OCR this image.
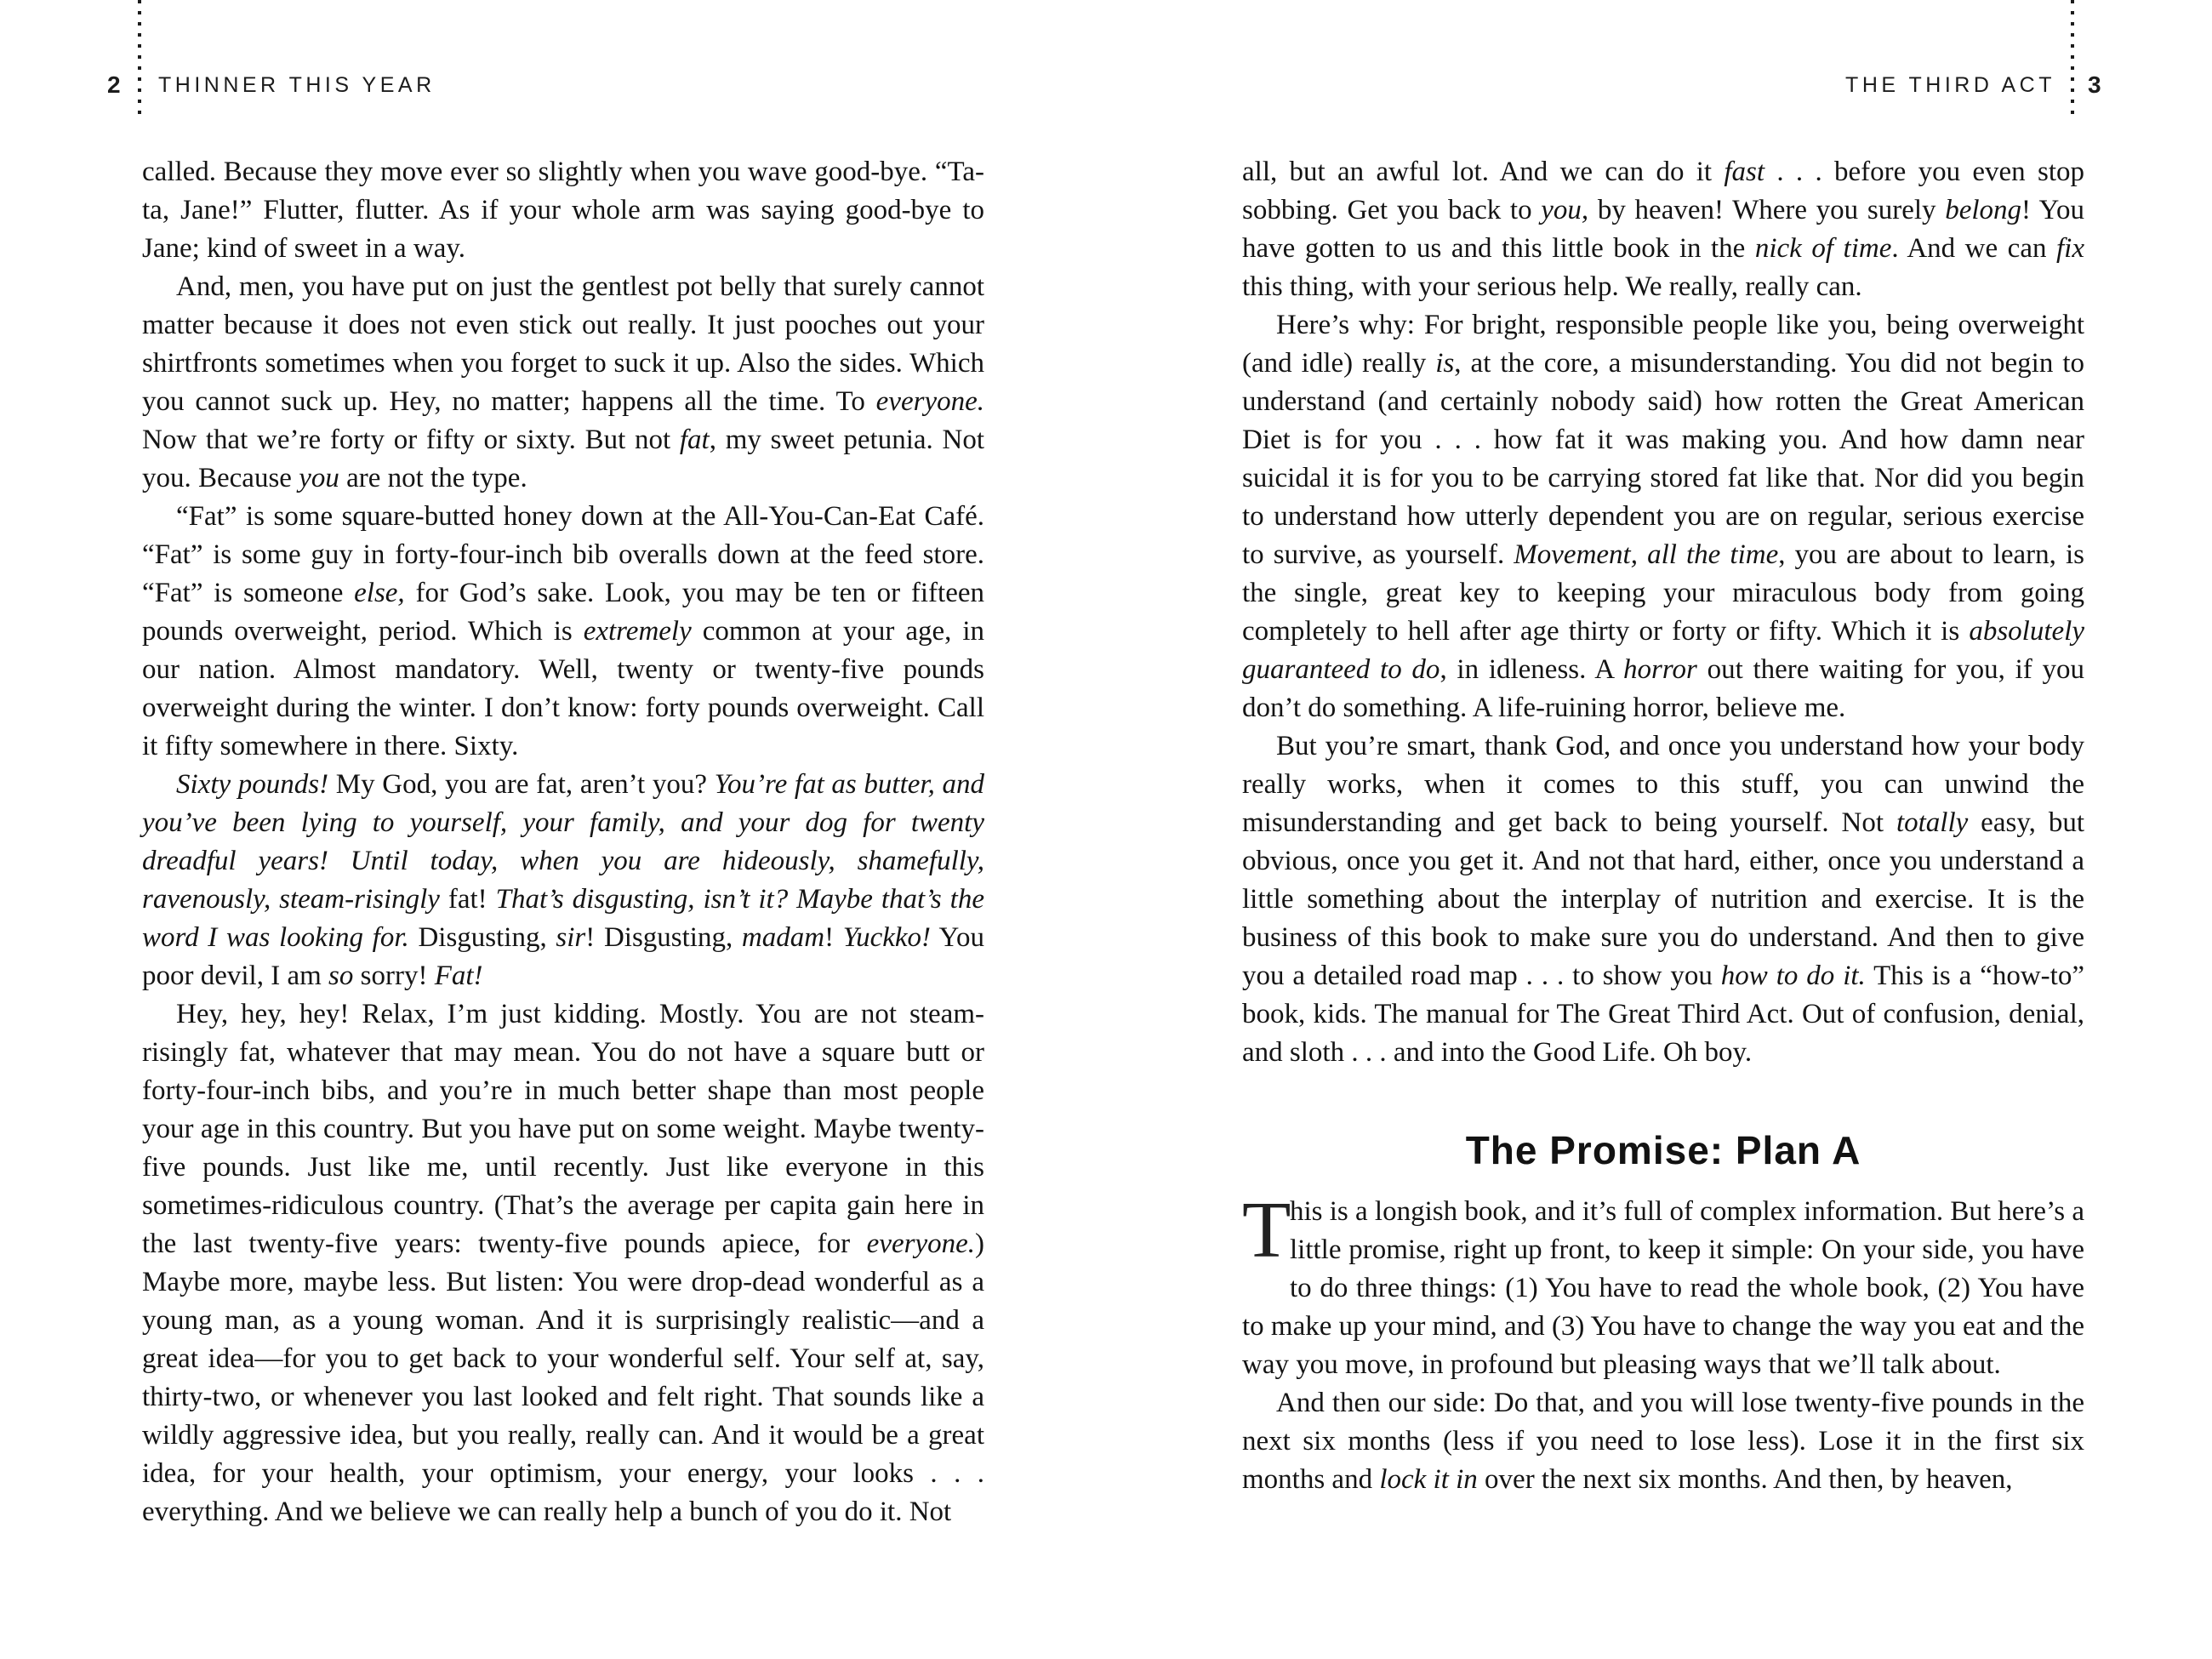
2 THINNER THIS YEAR	THE THIRD ACT 3

called. Because they move ever so slightly when you wave good-bye. “Ta-ta, Jane!” Flutter, flutter. As if your whole arm was saying good-bye to Jane; kind of sweet in a way.

And, men, you have put on just the gentlest pot belly that surely cannot matter because it does not even stick out really. It just pooches out your shirtfronts sometimes when you forget to suck it up. Also the sides. Which you cannot suck up. Hey, no matter; happens all the time. To everyone. Now that we’re forty or fifty or sixty. But not fat, my sweet petunia. Not you. Because you are not the type.

“Fat” is some square-butted honey down at the All-You-Can-Eat Café. “Fat” is some guy in forty-four-inch bib overalls down at the feed store. “Fat” is someone else, for God’s sake. Look, you may be ten or fifteen pounds overweight, period. Which is extremely common at your age, in our nation. Almost mandatory. Well, twenty or twenty-five pounds overweight during the winter. I don’t know: forty pounds overweight. Call it fifty somewhere in there. Sixty.

Sixty pounds! My God, you are fat, aren’t you? You’re fat as butter, and you’ve been lying to yourself, your family, and your dog for twenty dreadful years! Until today, when you are hideously, shamefully, ravenously, steam-risingly fat! That’s disgusting, isn’t it? Maybe that’s the word I was looking for. Disgusting, sir! Disgusting, madam! Yuckko! You poor devil, I am so sorry! Fat!

Hey, hey, hey! Relax, I’m just kidding. Mostly. You are not steam-risingly fat, whatever that may mean. You do not have a square butt or forty-four-inch bibs, and you’re in much better shape than most people your age in this country. But you have put on some weight. Maybe twenty-five pounds. Just like me, until recently. Just like everyone in this sometimes-ridiculous country. (That’s the average per capita gain here in the last twenty-five years: twenty-five pounds apiece, for everyone.) Maybe more, maybe less. But listen: You were drop-dead wonderful as a young man, as a young woman. And it is surprisingly realistic—and a great idea—for you to get back to your wonderful self. Your self at, say, thirty-two, or whenever you last looked and felt right. That sounds like a wildly aggressive idea, but you really, really can. And it would be a great idea, for your health, your optimism, your energy, your looks . . . everything. And we believe we can really help a bunch of you do it. Not

all, but an awful lot. And we can do it fast . . . before you even stop sobbing. Get you back to you, by heaven! Where you surely belong! You have gotten to us and this little book in the nick of time. And we can fix this thing, with your serious help. We really, really can.

Here’s why: For bright, responsible people like you, being overweight (and idle) really is, at the core, a misunderstanding. You did not begin to understand (and certainly nobody said) how rotten the Great American Diet is for you . . . how fat it was making you. And how damn near suicidal it is for you to be carrying stored fat like that. Nor did you begin to understand how utterly dependent you are on regular, serious exercise to survive, as yourself. Movement, all the time, you are about to learn, is the single, great key to keeping your miraculous body from going completely to hell after age thirty or forty or fifty. Which it is absolutely guaranteed to do, in idleness. A horror out there waiting for you, if you don’t do something. A life-ruining horror, believe me.

But you’re smart, thank God, and once you understand how your body really works, when it comes to this stuff, you can unwind the misunderstanding and get back to being yourself. Not totally easy, but obvious, once you get it. And not that hard, either, once you understand a little something about the interplay of nutrition and exercise. It is the business of this book to make sure you do understand. And then to give you a detailed road map . . . to show you how to do it. This is a “how-to” book, kids. The manual for The Great Third Act. Out of confusion, denial, and sloth . . . and into the Good Life. Oh boy.

The Promise: Plan A

T
his is a longish book, and it’s full of complex information. But here’s a little promise, right up front, to keep it simple: On your side, you have to do three things: (1) You have to read the whole book, (2) You have to make up your mind, and (3) You have to change the way you eat and the way you move, in profound but pleasing ways that we’ll talk about.

And then our side: Do that, and you will lose twenty-five pounds in the next six months (less if you need to lose less). Lose it in the first six months and lock it in over the next six months. And then, by heaven,
